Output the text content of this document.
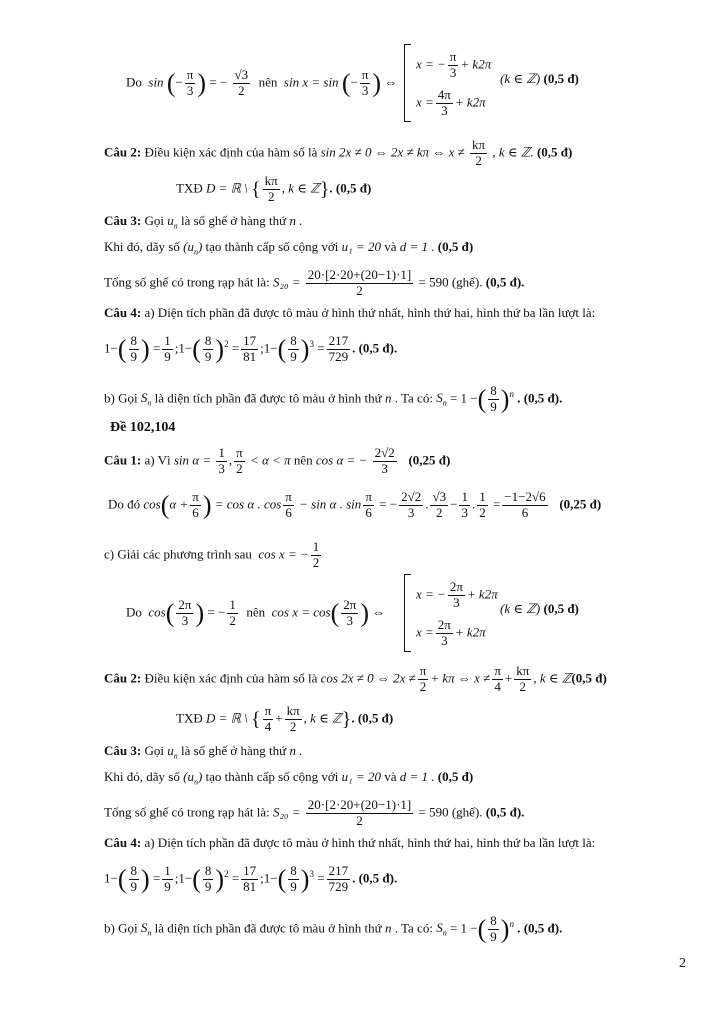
Do sin (− $\frac{\pi}{3}$ ) = − $\frac{√3}{2}$ nên sin x = sin (− $\frac{\pi}{3}$ ) ⇔
x = − $\frac{\pi}{3} + k2\pi$
$x = \frac{4\pi}{3} + k2\pi$
(k ∈ ℤ) (0,5 đ)
Câu 2: Điều kiện xác định của hàm số là sin 2x ≠ 0 ⇔ 2x ≠ kπ ⇔ $x \ne \frac{k\pi}{2}$ , k ∈ ℤ. (0,5 đ)
TXĐ D = ℝ \ { $\frac{k\pi}{2}$ , k ∈ ℤ}. (0,5 đ)
Câu 3: Gọi $u_n$ là số ghế ở hàng thứ n .
Khi đó, dãy số $(u_n)$ tạo thành cấp số cộng với u₁ = 20 và d = 1 . (0,5 đ)
Tổng số ghế có trong rạp hát là: $S_{20} = \frac{20\cdot[2\cdot 20+(20-1)\cdot 1]}{2} = 590$ (ghế). (0,5 đ).
Câu 4: a) Diện tích phần đã được tô màu ở hình thứ nhất, hình thứ hai, hình thứ ba lần lượt là:
$1-( \frac{8}{9}$ ) = $\frac{1}{9}$ ;1−( $\frac{8}{9} )^2 = \frac{17}{81}$ ;1−( $\frac{8}{9} )^3 = \frac{217}{729}$ . (0,5 đ).
b) Gọi $S_n$ là diện tích phần đã được tô màu ở hình thứ n . Ta có: $S_n = 1$ −( $\frac{8}{9} )^n$ . (0,5 đ).
Đề 102,104
Câu 1: a) Vì $\sin \alpha = \frac{1}{3}$ , $\frac{\pi}{2} < \alpha < \pi$ nên cos α = − $\frac{2√2}{3} (0,25$ đ)
Do đó $\cos(\alpha + \frac{\pi}{6}$ ) = cos α . $\cos \frac{\pi}{6} - \sin \alpha$ . $\sin \frac{\pi}{6}$ = − $\frac{2√2}{3}$ . $\frac{√3}{2} - \frac{1}{3}$ . $\frac{1}{2} = \frac{-1-2√6}{6} (0,25$ đ)
c) Giải các phương trình sau cos x = − $\frac{1}{2}$
Do $\cos( \frac{2\pi}{3}$ ) = − $\frac{1}{2}$ nên $\cos x = \cos( \frac{2\pi}{3}$ ) ⇔
x = − $\frac{2\pi}{3} + k2\pi$
$x = \frac{2\pi}{3} + k2\pi$
(k ∈ ℤ) (0,5 đ)
Câu 2: Điều kiện xác định của hàm số là cos 2x ≠ 0 ⇔ $2x \ne \frac{\pi}{2} + k\pi$ ⇔ $x \ne \frac{\pi}{4} + \frac{k\pi}{2}$ , k ∈ ℤ(0,5 đ)
TXĐ D = ℝ \ { $\frac{\pi}{4} + \frac{k\pi}{2}$ , k ∈ ℤ}. (0,5 đ)
Câu 3: Gọi $u_n$ là số ghế ở hàng thứ n .
Khi đó, dãy số $(u_n)$ tạo thành cấp số cộng với u₁ = 20 và d = 1 . (0,5 đ)
Tổng số ghế có trong rạp hát là: $S_{20} = \frac{20\cdot[2\cdot 20+(20-1)\cdot 1]}{2} = 590$ (ghế). (0,5 đ).
Câu 4: a) Diện tích phần đã được tô màu ở hình thứ nhất, hình thứ hai, hình thứ ba lần lượt là:
$1-( \frac{8}{9}$ ) = $\frac{1}{9}$ ;1−( $\frac{8}{9} )^2 = \frac{17}{81}$ ;1−( $\frac{8}{9} )^3 = \frac{217}{729}$ . (0,5 đ).
b) Gọi $S_n$ là diện tích phần đã được tô màu ở hình thứ n . Ta có: $S_n = 1$ −( $\frac{8}{9} )^n$ . (0,5 đ).
2
